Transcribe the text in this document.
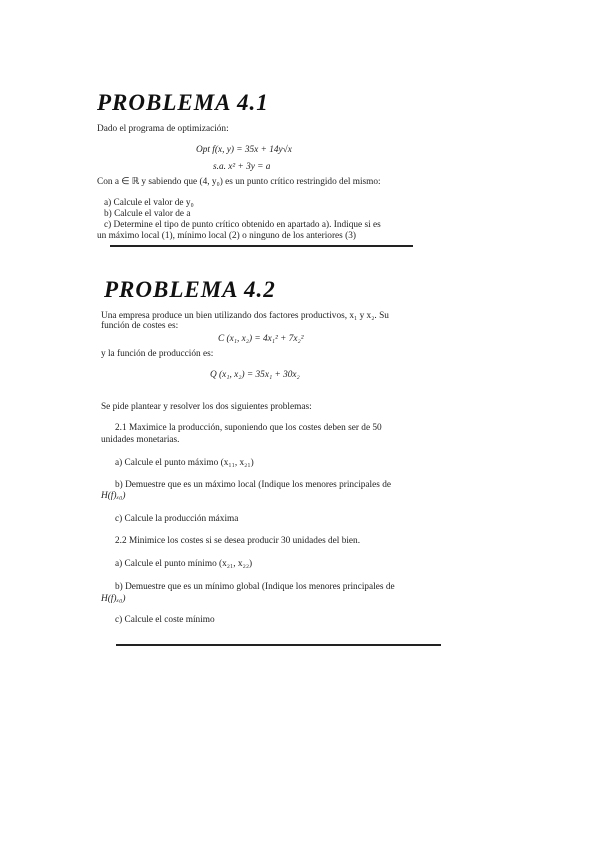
PROBLEMA 4.1
Dado el programa de optimización:
Opt f(x, y) = 35x + 14y√x
s.a. x² + 3y = a
Con a ∈ ℝ y sabiendo que (4, y₀) es un punto crítico restringido del mismo:
a) Calcule el valor de y₀
b) Calcule el valor de a
c) Determine el tipo de punto crítico obtenido en apartado a). Indique si es
un máximo local (1), mínimo local (2) o ninguno de los anteriores (3)
PROBLEMA 4.2
Una empresa produce un bien utilizando dos factores productivos, x₁ y x₂. Su
función de costes es:
C (x₁, x₂) = 4x₁² + 7x₂²
y la función de producción es:
Q (x₁, x₂) = 35x₁ + 30x₂
Se pide plantear y resolver los dos siguientes problemas:
2.1 Maximice la producción, suponiendo que los costes deben ser de 50
unidades monetarias.
a) Calcule el punto máximo (x₁₁, x₂₁)
b) Demuestre que es un máximo local (Indique los menores principales de
H(f)ₓ₀)
c) Calcule la producción máxima
2.2 Minimice los costes si se desea producir 30 unidades del bien.
a) Calcule el punto mínimo (x₂₁, x₂₂)
b) Demuestre que es un mínimo global (Indique los menores principales de
H(f)ₓ₀)
c) Calcule el coste mínimo
